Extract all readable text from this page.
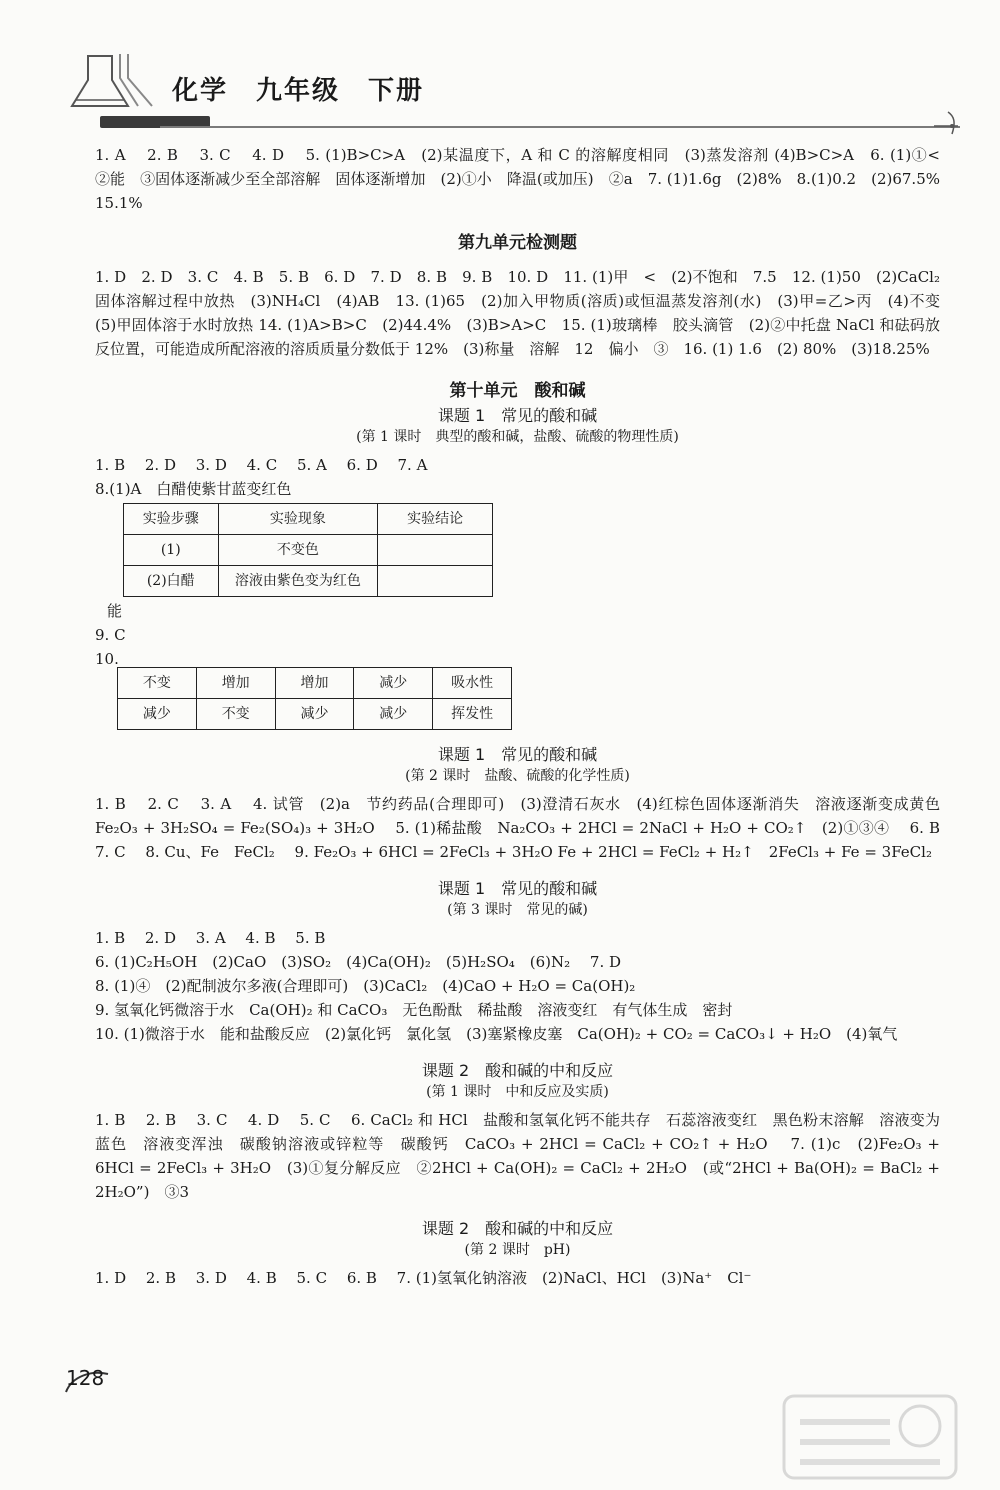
化学　九年级　下册

1. A　 2. B　 3. C　 4. D　 5. (1)B>C>A　(2)某温度下，A 和 C 的溶解度相同　(3)蒸发溶剂 (4)B>C>A　6. (1)①<　②能　③固体逐渐减少至全部溶解　固体逐渐增加　(2)①小　降温(或加压)　②a　7. (1)1.6g　(2)8%　8.(1)0.2　(2)67.5%　15.1%

第九单元检测题

1. D　2. D　3. C　4. B　5. B　6. D　7. D　8. B　9. B　10. D　11. (1)甲　<　(2)不饱和　7.5　12. (1)50　(2)CaCl₂ 固体溶解过程中放热　(3)NH₄Cl　(4)AB　13. (1)65　(2)加入甲物质(溶质)或恒温蒸发溶剂(水)　(3)甲=乙>丙　(4)不变　(5)甲固体溶于水时放热 14. (1)A>B>C　(2)44.4%　(3)B>A>C　15. (1)玻璃棒　胶头滴管　(2)②中托盘 NaCl 和砝码放反位置，可能造成所配溶液的溶质质量分数低于 12%　(3)称量　溶解　12　偏小　③　16. (1) 1.6　(2) 80%　(3)18.25%

第十单元　酸和碱
课题 1　常见的酸和碱
(第 1 课时　典型的酸和碱，盐酸、硫酸的物理性质)

1. B　 2. D　 3. D　 4. C　 5. A　 6. D　 7. A

8.(1)A　白醋使紫甘蓝变红色

实验步骤	实验现象	实验结论
(1)	不变色	
(2)白醋	溶液由紫色变为红色	

能

9. C

10.

不变	增加	增加	减少	吸水性
减少	不变	减少	减少	挥发性
课题 1　常见的酸和碱
(第 2 课时　盐酸、硫酸的化学性质)

1. B　 2. C　 3. A　 4. 试管　(2)a　节约药品(合理即可)　(3)澄清石灰水　(4)红棕色固体逐渐消失　溶液逐渐变成黄色　Fe₂O₃ + 3H₂SO₄ = Fe₂(SO₄)₃ + 3H₂O　 5. (1)稀盐酸　Na₂CO₃ + 2HCl = 2NaCl + H₂O + CO₂↑　(2)①③④　 6. B　 7. C　 8. Cu、Fe　FeCl₂　 9. Fe₂O₃ + 6HCl = 2FeCl₃ + 3H₂O Fe + 2HCl = FeCl₂ + H₂↑　2FeCl₃ + Fe = 3FeCl₂

课题 1　常见的酸和碱
(第 3 课时　常见的碱)

1. B　 2. D　 3. A　 4. B　 5. B

6. (1)C₂H₅OH　(2)CaO　(3)SO₂　(4)Ca(OH)₂　(5)H₂SO₄　(6)N₂　 7. D

8. (1)④　(2)配制波尔多液(合理即可)　(3)CaCl₂　(4)CaO + H₂O = Ca(OH)₂

9. 氢氧化钙微溶于水　Ca(OH)₂ 和 CaCO₃　无色酚酞　稀盐酸　溶液变红　有气体生成　密封

10. (1)微溶于水　能和盐酸反应　(2)氯化钙　氯化氢　(3)塞紧橡皮塞　Ca(OH)₂ + CO₂ = CaCO₃↓ + H₂O　(4)氧气

课题 2　酸和碱的中和反应
(第 1 课时　中和反应及实质)

1. B　 2. B　 3. C　 4. D　 5. C　 6. CaCl₂ 和 HCl　盐酸和氢氧化钙不能共存　石蕊溶液变红　黑色粉末溶解　溶液变为蓝色　溶液变浑浊　碳酸钠溶液或锌粒等　碳酸钙　CaCO₃ + 2HCl = CaCl₂ + CO₂↑ + H₂O　 7. (1)c　(2)Fe₂O₃ + 6HCl = 2FeCl₃ + 3H₂O　(3)①复分解反应　②2HCl + Ca(OH)₂ = CaCl₂ + 2H₂O　(或“2HCl + Ba(OH)₂ = BaCl₂ + 2H₂O”)　③3

课题 2　酸和碱的中和反应
(第 2 课时　pH)

1. D　 2. B　 3. D　 4. B　 5. C　 6. B　 7. (1)氢氧化钠溶液　(2)NaCl、HCl　(3)Na⁺　Cl⁻

128
